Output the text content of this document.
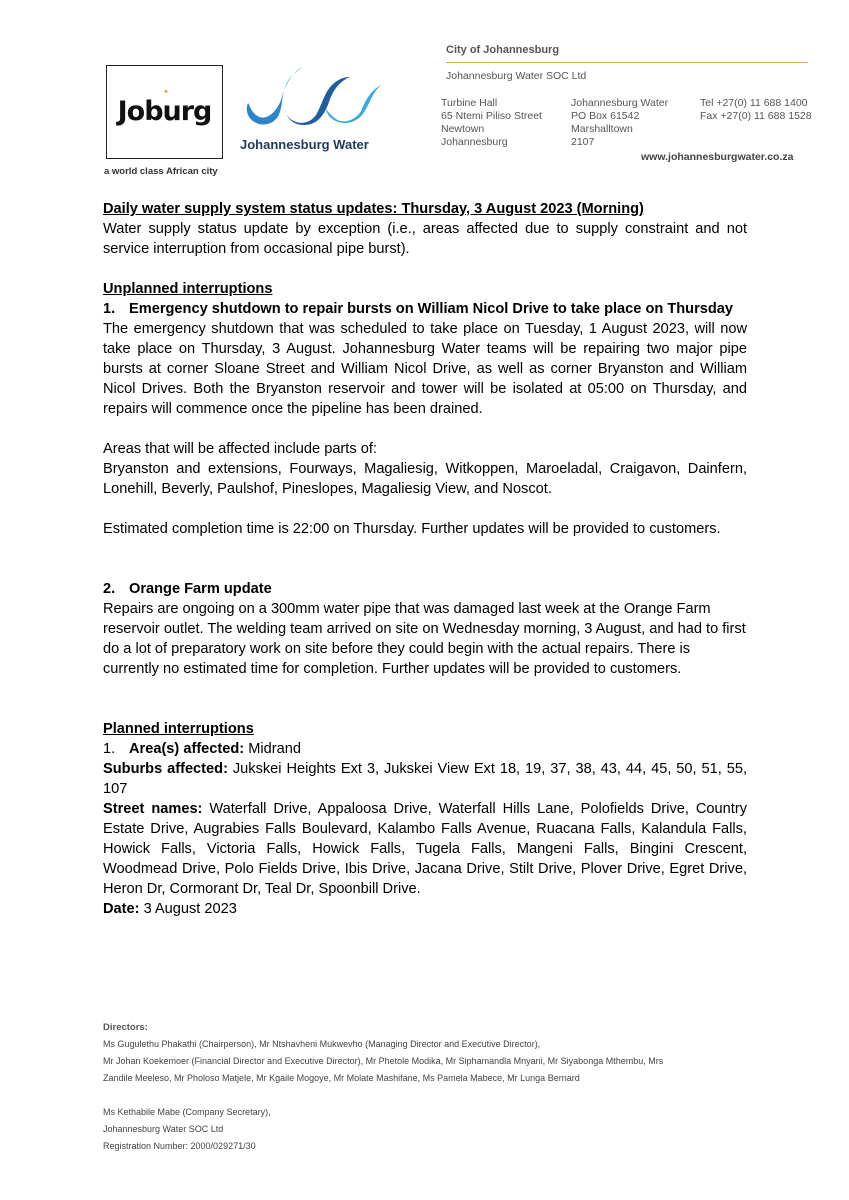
City of Johannesburg
Johannesburg Water SOC Ltd
Turbine Hall
65 Ntemi Piliso Street
Newtown
Johannesburg
Johannesburg Water
PO Box 61542
Marshalltown
2107
Tel +27(0) 11 688 1400
Fax +27(0) 11 688 1528
www.johannesburgwater.co.za
Joburg
a world class African city
Johannesburg Water

Daily water supply system status updates: Thursday, 3 August 2023 (Morning)

Water supply status update by exception (i.e., areas affected due to supply constraint and not service interruption from occasional pipe burst).

Unplanned interruptions

1. Emergency shutdown to repair bursts on William Nicol Drive to take place on Thursday

The emergency shutdown that was scheduled to take place on Tuesday, 1 August 2023, will now take place on Thursday, 3 August. Johannesburg Water teams will be repairing two major pipe bursts at corner Sloane Street and William Nicol Drive, as well as corner Bryanston and William Nicol Drives. Both the Bryanston reservoir and tower will be isolated at 05:00 on Thursday, and repairs will commence once the pipeline has been drained.

Areas that will be affected include parts of:

Bryanston and extensions, Fourways, Magaliesig, Witkoppen, Maroeladal, Craigavon, Dainfern, Lonehill, Beverly, Paulshof, Pineslopes, Magaliesig View, and Noscot.

Estimated completion time is 22:00 on Thursday. Further updates will be provided to customers.

2. Orange Farm update

Repairs are ongoing on a 300mm water pipe that was damaged last week at the Orange Farm reservoir outlet. The welding team arrived on site on Wednesday morning, 3 August, and had to first do a lot of preparatory work on site before they could begin with the actual repairs. There is currently no estimated time for completion. Further updates will be provided to customers.

Planned interruptions

1. Area(s) affected: Midrand

Suburbs affected: Jukskei Heights Ext 3, Jukskei View Ext 18, 19, 37, 38, 43, 44, 45, 50, 51, 55, 107

Street names: Waterfall Drive, Appaloosa Drive, Waterfall Hills Lane, Polofields Drive, Country Estate Drive, Augrabies Falls Boulevard, Kalambo Falls Avenue, Ruacana Falls, Kalandula Falls, Howick Falls, Victoria Falls, Howick Falls, Tugela Falls, Mangeni Falls, Bingini Crescent, Woodmead Drive, Polo Fields Drive, Ibis Drive, Jacana Drive, Stilt Drive, Plover Drive, Egret Drive, Heron Dr, Cormorant Dr, Teal Dr, Spoonbill Drive.

Date: 3 August 2023

Directors:
Ms Gugulethu Phakathi (Chairperson), Mr Ntshavheni Mukwevho (Managing Director and Executive Director),
Mr Johan Koekemoer (Financial Director and Executive Director), Mr Phetole Modika, Mr Siphamandla Mnyani, Mr Siyabonga Mthembu, Mrs
Zandile Meeleso, Mr Pholoso Matjele, Mr Kgaile Mogoye, Mr Molate Mashifane, Ms Pamela Mabece, Mr Lunga Bernard
Ms Kethabile Mabe (Company Secretary),
Johannesburg Water SOC Ltd
Registration Number: 2000/029271/30
